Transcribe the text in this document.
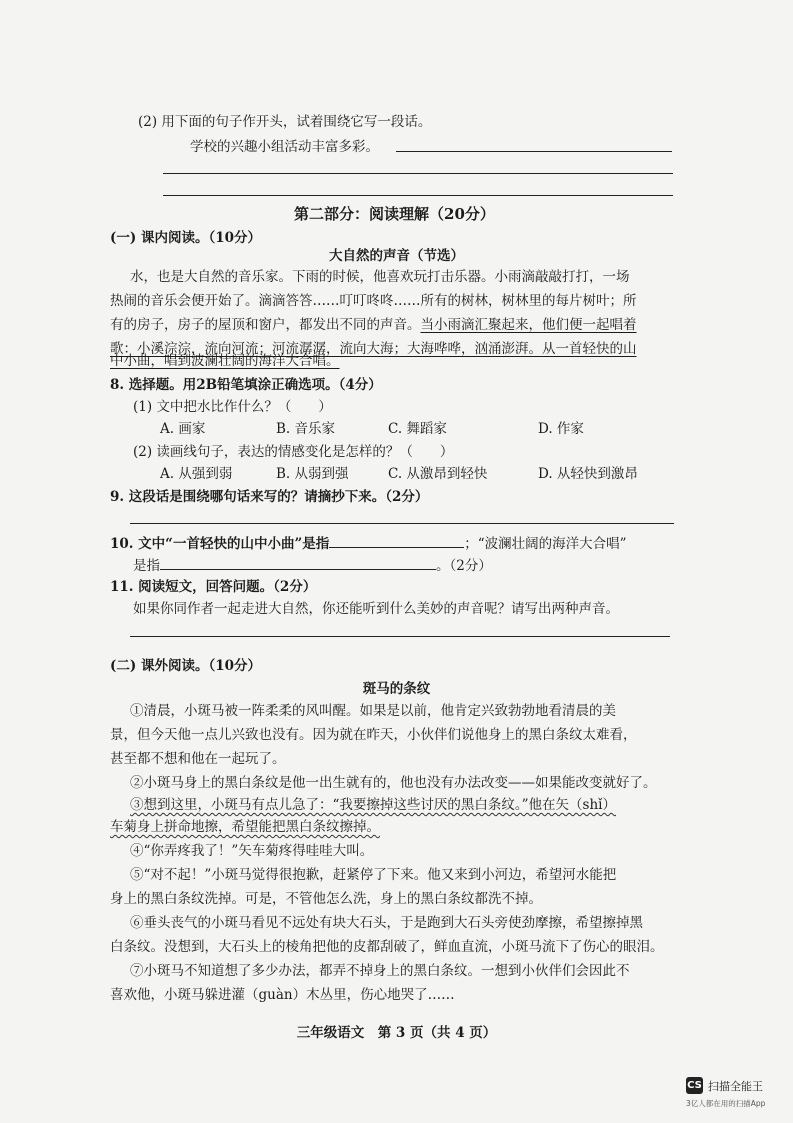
(2) 用下面的句子作开头，试着围绕它写一段话。
学校的兴趣小组活动丰富多彩。
第二部分：阅读理解（20分）
(一) 课内阅读。（10分）
大自然的声音（节选）
水，也是大自然的音乐家。下雨的时候，他喜欢玩打击乐器。小雨滴敲敲打打，一场
热闹的音乐会便开始了。滴滴答答……叮叮咚咚……所有的树林，树林里的每片树叶；所
有的房子，房子的屋顶和窗户，都发出不同的声音。当小雨滴汇聚起来，他们便一起唱着
歌：小溪淙淙，流向河流；河流潺潺，流向大海；大海哗哗，汹涌澎湃。从一首轻快的山
中小曲，唱到波澜壮阔的海洋大合唱。
8. 选择题。用2B铅笔填涂正确选项。（4分）
(1) 文中把水比作什么？（　　）
A. 画家	B. 音乐家	C. 舞蹈家	D. 作家
(2) 读画线句子，表达的情感变化是怎样的？（　　）
A. 从强到弱	B. 从弱到强	C. 从激昂到轻快	D. 从轻快到激昂
9. 这段话是围绕哪句话来写的？请摘抄下来。（2分）
10. 文中“一首轻快的山中小曲”是指	；“波澜壮阔的海洋大合唱”
是指	。（2分）
11. 阅读短文，回答问题。（2分）
如果你同作者一起走进大自然，你还能听到什么美妙的声音呢？请写出两种声音。
(二) 课外阅读。（10分）
斑马的条纹
①清晨，小斑马被一阵柔柔的风叫醒。如果是以前，他肯定兴致勃勃地看清晨的美
景，但今天他一点儿兴致也没有。因为就在昨天，小伙伴们说他身上的黑白条纹太难看，
甚至都不想和他在一起玩了。
②小斑马身上的黑白条纹是他一出生就有的，他也没有办法改变——如果能改变就好了。
③想到这里，小斑马有点儿急了：“我要擦掉这些讨厌的黑白条纹。”他在矢（shǐ）
车菊身上拼命地擦，希望能把黑白条纹擦掉。
④“你弄疼我了！”矢车菊疼得哇哇大叫。
⑤“对不起！”小斑马觉得很抱歉，赶紧停了下来。他又来到小河边，希望河水能把
身上的黑白条纹洗掉。可是，不管他怎么洗，身上的黑白条纹都洗不掉。
⑥垂头丧气的小斑马看见不远处有块大石头，于是跑到大石头旁使劲摩擦，希望擦掉黑
白条纹。没想到，大石头上的棱角把他的皮都刮破了，鲜血直流，小斑马流下了伤心的眼泪。
⑦小斑马不知道想了多少办法，都弄不掉身上的黑白条纹。一想到小伙伴们会因此不
喜欢他，小斑马躲进灌（guàn）木丛里，伤心地哭了……
三年级语文　第 3 页（共 4 页）
CS 扫描全能王
3亿人都在用的扫描App
